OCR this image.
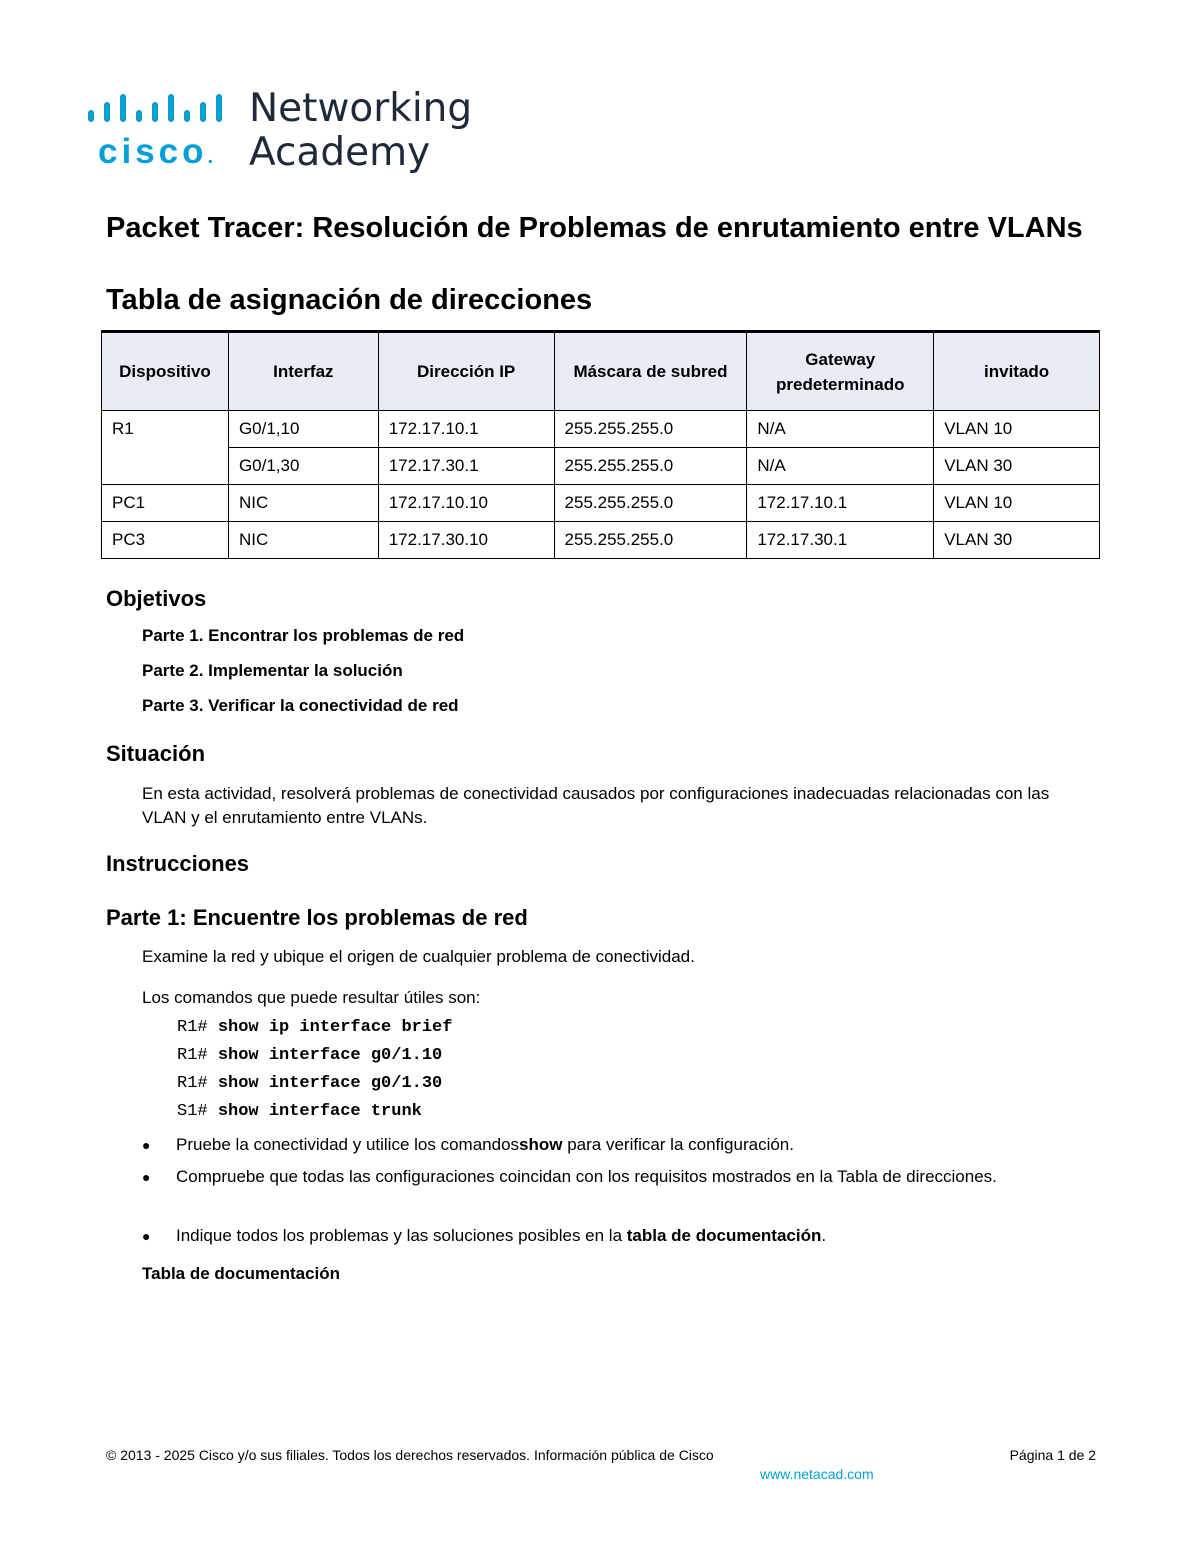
cisco.
Networking
Academy
Packet Tracer: Resolución de Problemas de enrutamiento entre VLANs
Tabla de asignación de direcciones
Dispositivo	Interfaz	Dirección IP	Máscara de subred	Gateway predeterminado	invitado
R1	G0/1,10	172.17.10.1	255.255.255.0	N/A	VLAN 10
	G0/1,30	172.17.30.1	255.255.255.0	N/A	VLAN 30
PC1	NIC	172.17.10.10	255.255.255.0	172.17.10.1	VLAN 10
PC3	NIC	172.17.30.10	255.255.255.0	172.17.30.1	VLAN 30
Objetivos

Parte 1. Encontrar los problemas de red

Parte 2. Implementar la solución

Parte 3. Verificar la conectividad de red

Situación

En esta actividad, resolverá problemas de conectividad causados por configuraciones inadecuadas relacionadas con las VLAN y el enrutamiento entre VLANs.

Instrucciones
Parte 1: Encuentre los problemas de red

Examine la red y ubique el origen de cualquier problema de conectividad.

Los comandos que puede resultar útiles son:

R1# show ip interface brief

R1# show interface g0/1.10

R1# show interface g0/1.30

S1# show interface trunk

● Pruebe la conectividad y utilice los comandosshow para verificar la configuración.
● Compruebe que todas las configuraciones coincidan con los requisitos mostrados en la Tabla de direcciones.
● Indique todos los problemas y las soluciones posibles en la tabla de documentación.

Tabla de documentación

© 2013 - 2025 Cisco y/o sus filiales. Todos los derechos reservados. Información pública de Cisco	Página 1 de 2
www.netacad.com
